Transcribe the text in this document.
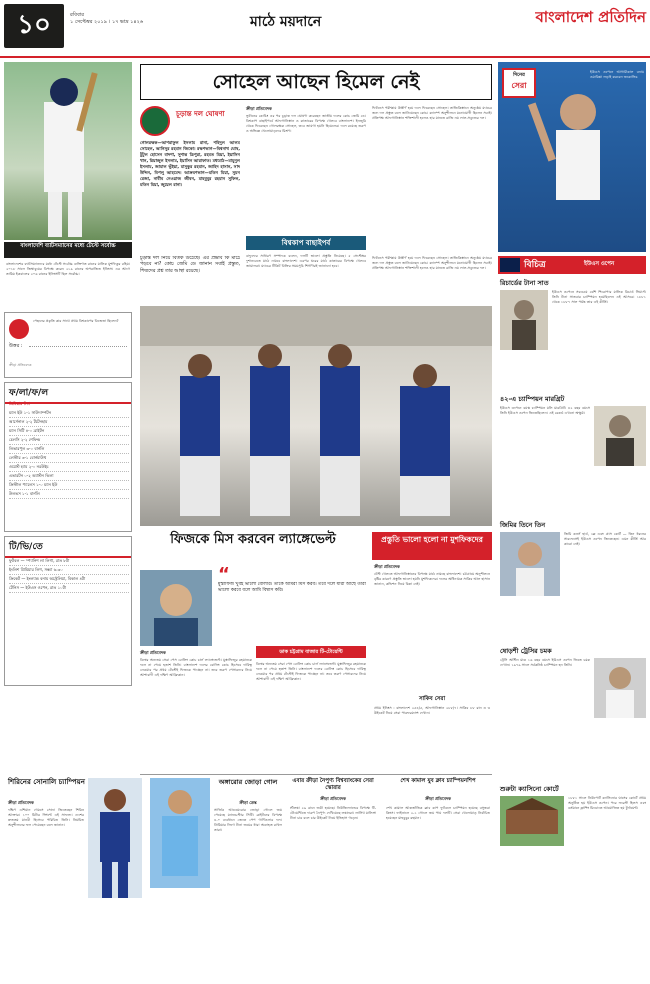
১০	রবিবার
১ সেপ্টেম্বর ২০১৯ । ১৭ ভাদ্র ১৪২৬	মাঠে ময়দানে	বাংলাদেশ প্রতিদিন
বাংলাদেশি ব্যাটসম্যানের মধ্যে টেস্টে সর্বোচ্চ
বাংলাদেশের ব্যাটসম্যানদের মধ্যে টেস্টে সর্বোচ্চ ব্যক্তিগত রানের মালিক মুশফিকুর রহিম। ২০১৮ সালে জিম্বাবুয়ের বিপক্ষে করেন ২১৯ রানের অপরাজিত ইনিংস। এর আগে তামিম ইকবালের ২০৬ রানের ইনিংসটি ছিল সর্বোচ্চ।
পেছনের প্রকৃতি কার সাথে প্রথম বিশ্বকাপের বিজেতা ছিলেন?
উত্তর :
ক্রীড়া প্রতিবেদক
ফ/লা/ফ/ল
প্রিমিয়ার লিগ
ম্যান ইউ ১-১ সাউদাম্পটন
আর্সেনাল ২-২ টটেনহাম
ম্যান সিটি ৪-০ ব্রাইটন
চেলসি ২-২ শেফিল্ড
লিভারপুল ৩-০ বার্নলি
লেস্টার ৩-১ বোর্নমাউথ
ওয়েস্ট হ্যাম ২-০ নরউইচ
এভারটন ০-২ অ্যাস্টন ভিলা
ক্রিস্টাল প্যালেস ১-০ ম্যান ইউ
উলভস ১-১ বার্নলি
টি/ভি/তে
ফুটবল — স্প্যানিশ লা লিগা, রাত ৮টা
ইংলিশ প্রিমিয়ার লিগ, সন্ধ্যা ৬.৩০
ক্রিকেট — ইংল্যান্ড বনাম অস্ট্রেলিয়া, বিকাল ৪টা
টেনিস — ইউএস ওপেন, রাত ১০টা
সোহেল আছেন হিমেল নেই
চূড়ান্ত দল ঘোষণা
গোলরক্ষক—আশরাফুল ইসলাম রানা, শহিদুল আলম সোহেল, আনিসুর রহমান জিকো। রক্ষণভাগ—বিশ্বনাথ ঘোষ, টুটুল হোসেন বাদশা, সুশান্ত ত্রিপুরা, রহমত মিয়া, ইয়াসিন খান, রিয়াজুল ইসলাম, ইয়াসিন আরাফাত। মধ্যমাঠ—মামুনুল ইসলাম, জামাল ভূঁইয়া, মাসুকুর রহমান, জাহিদ হাসান, সাদ উদ্দিন, বিপলু আহমেদ। আক্রমণভাগ—মতিন মিয়া, সুমন রেজা, নাবীব নেওয়াজ জীবন, মাহবুবুর রহমান সুফিল, মতিন মিয়া, জুয়েল রানা।
ক্রীড়া প্রতিবেদক
ভুটানের কোচিং এর পর চূড়ান্ত দল ঘোষণা করেছেন জাতীয় দলের কোচ জেমি ডে। বিশ্বকাপ বাছাইপর্বে আফগানিস্তান ও কাতারের বিপক্ষে খেলবে বাংলাদেশ। ইনজুরি থেকে ফিরেছেন গোলরক্ষক সোহেল, তবে জায়গা হয়নি হিমেলের। দলে রয়েছে তরুণ ও অভিজ্ঞ খেলোয়াড়দের মিশ্রণ।
ফিটনেস পরীক্ষায় উত্তীর্ণ হয়ে দলে ফিরেছেন সোহেল। তাজিকিস্তানে অনুষ্ঠেয় ম্যাচের জন্য দল প্রস্তুত বলে জানিয়েছেন কোচ। ক্যাম্পে অনুশীলনে মনোযোগী ছিলেন সবাই। প্রতিপক্ষ আফগানিস্তান শক্তিশালী হলেও হার মানতে রাজি নয় লাল-সবুজের দল।
বিশ্বকাপ বাছাইপর্ব
বাফুফের সাধারণ সম্পাদক বলেন, দলটি ভালো প্রস্তুতি নিয়েছে। ৫ সেপ্টেম্বর দুশানবেতে মাঠে নামবে বাংলাদেশ। এরপর ঘরের মাঠে কাতারের বিপক্ষে খেলবে জামালরা। ম্যাচের টিকিট বিক্রির সময়সূচি শিগগিরই জানানো হবে।
চূড়ান্ত দল নিয়ে বিতর্ক উঠেছে। এর প্রভাব কি মাঠে পড়বে না? কোচ জেমি ডে জানান সবাই প্রস্তুত, শিষ্যদের প্রশ্ন তার আস্থা রয়েছে।
ফিটনেস পরীক্ষায় উত্তীর্ণ হয়ে দলে ফিরেছেন সোহেল। তাজিকিস্তানে অনুষ্ঠেয় ম্যাচের জন্য দল প্রস্তুত বলে জানিয়েছেন কোচ। ক্যাম্পে অনুশীলনে মনোযোগী ছিলেন সবাই। প্রতিপক্ষ আফগানিস্তান শক্তিশালী হলেও হার মানতে রাজি নয় লাল-সবুজের দল।
প্রস্তুতি ভালো হলো না মুশফিকদের
ক্রীড়া প্রতিবেদক
টেস্ট খেলতে আফগানিস্তানের বিপক্ষে মাঠে নামছে বাংলাদেশ। চট্টগ্রামে অনুশীলনে বৃষ্টির কারণে প্রস্তুতি ভালো হয়নি মুশফিকদের। দলের অধিনায়ক সাকিব আল হাসান জানান, কন্ডিশন নিয়ে চিন্তা নেই।
সাকিব সেরা
প্রথম ইনিংস : বাংলাদেশ ২৫৪/৫, আফগানিস্তান ২৮৮/৭। সাকিব ৮৮ রান ও ৩ উইকেট নিয়ে সেরা পারফরম্যান্স দেখান।
ফিজকে মিস করবেন ল্যাঙ্গেভেল্ট
“
মুস্তাফিজ খুবই ভালো বোলার। তাকে আমরা মিস করব। তবে দলে যারা আছে তারা ভালো করবে বলে আমি বিশ্বাস করি।
ক্রীড়া প্রতিবেদক
বিশ্বের অন্যতম সেরা পেস বোলিং কোচ চার্ল ল্যাঙ্গেভেল্ট। মুস্তাফিজুর রহমানকে দলে না পেয়ে হতাশ তিনি। বাংলাদেশ দলের বোলিং কোচ হিসেবে দায়িত্ব নেওয়ার পর প্রথম টেস্টেই ফিজকে পাচ্ছেন না। তবে তরুণ পেসারদের নিয়ে আশাবাদী এই দক্ষিণ আফ্রিকান।
ডাক চট্টগ্রাম বাজার টি-টোয়েন্টি
বিশ্বের অন্যতম সেরা পেস বোলিং কোচ চার্ল ল্যাঙ্গেভেল্ট। মুস্তাফিজুর রহমানকে দলে না পেয়ে হতাশ তিনি। বাংলাদেশ দলের বোলিং কোচ হিসেবে দায়িত্ব নেওয়ার পর প্রথম টেস্টেই ফিজকে পাচ্ছেন না। তবে তরুণ পেসারদের নিয়ে আশাবাদী এই দক্ষিণ আফ্রিকান।
শিরিনের সোনালি চ্যাম্পিয়ন
ক্রীড়া প্রতিবেদক
দক্ষিণ এশিয়ান গেমসে সোনা জিতেছেন শিরিন আক্তার। ১০০ মিটার স্প্রিন্টে এই সাফল্য। দেশের দ্রুততম মানবী হিসেবে পরিচিত তিনি। নিয়মিত অনুশীলনের ফল পেয়েছেন বলে জানান।
অঙ্গারোর জোড়া গোল
ক্রীড়া ডেস্ক
সার্জিও আগুয়েরোর জোড়া গোলে জয় পেয়েছে ম্যানচেস্টার সিটি। ব্রাইটনের বিপক্ষে ৪-০ ব্যবধানে জেতে পেপ গার্দিওলার দল। প্রিমিয়ার লিগে টানা জয়ের ধারা অব্যাহত রাখল তারা।
এবার ক্রীড়া নৈপুণ্য বিশ্বব্যাংকের সেরা স্কোরার
ক্রীড়া প্রতিবেদক
শ্রীলঙ্কা ২৯ রানে জয়ী হয়েছে। নিউজিল্যান্ডের বিপক্ষে টি-টোয়েন্টিতে দারুণ নৈপুণ্য দেখিয়েছে লঙ্কানরা। লাসিথ মালিঙ্গা টানা চার বলে চার উইকেট নিয়ে ইতিহাস গড়েন।
শেখ কামাল যুব ক্লাব চ্যাম্পিয়নশিপ
ক্রীড়া প্রতিবেদক
শেখ কামাল আন্তর্জাতিক ক্লাব কাপ ফুটবলে চ্যাম্পিয়ন হয়েছে বসুন্ধরা কিংস। ফাইনালে ২-১ গোলে জয় পায় দলটি। সেরা খেলোয়াড় নির্বাচিত হয়েছেন মাহবুবুর রহমান।
দিনের
সেরা
ইউএস ওপেনে আগামীকাল বনাম ওয়ারিঙ্কা লড়াই করবেন জকোভিচ
বিচিত্র	ইউএস ওপেন
রিচার্ডের টানা সাত
ইউএস ওপেনে সবচেয়ে বেশি শিরোপার মালিক রিচার্ড সিয়ার্স। তিনি টানা সাতবার চ্যাম্পিয়ন হয়েছিলেন এই আসরে। ১৮৮১ থেকে ১৮৮৭ সাল পর্যন্ত তার এই কীর্তি।
৪২-এ চ্যাম্পিয়ন মারগ্রিট
ইউএস ওপেনে বয়স্ক চ্যাম্পিয়ন মলি মারগ্রিট। ৪২ বছর বয়সে তিনি ইউএস ওপেন জিতেছিলেন। এই রেকর্ড এখনো অক্ষুণ্ণ।
জিমির তিনে তিন
জিমি কনর্স হার্ড, ক্লে এবং গ্রাস কোর্ট — তিন ধরনের সারফেসেই ইউএস ওপেন জিতেছেন। এমন কীর্তি আর কারো নেই।
ষোড়শী ট্রেসির চমক
ট্রেসি অস্টিন মাত্র ১৬ বছর বয়সে ইউএস ওপেন জিতে চমক দেখান। ১৯৭৯ সালে সর্বকনিষ্ঠ চ্যাম্পিয়ন হন তিনি।
শুরুটা ক্যাসিনো কোর্টে
১৮৮১ সালে নিউপোর্ট ক্যাসিনোর ঘাসের কোর্টে প্রথম অনুষ্ঠিত হয় ইউএস ওপেন। পরে ফরেস্ট হিলস এবং বর্তমানে ফ্লাশিং মিডোতে আয়োজিত হয় টুর্নামেন্ট।
